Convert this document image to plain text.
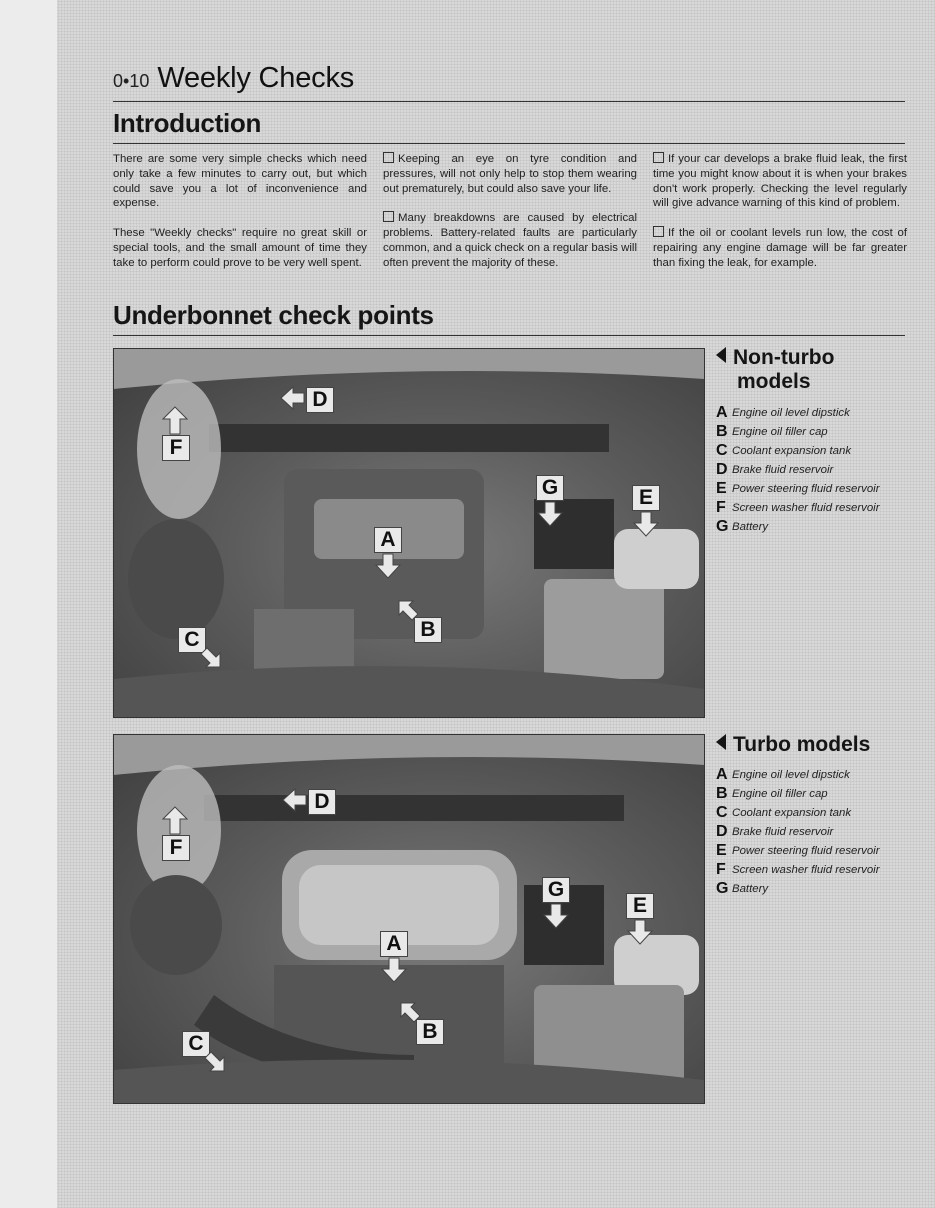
0•10 Weekly Checks
Introduction

There are some very simple checks which need only take a few minutes to carry out, but which could save you a lot of inconvenience and expense.

These "Weekly checks" require no great skill or special tools, and the small amount of time they take to perform could prove to be very well spent.

Keeping an eye on tyre condition and pressures, will not only help to stop them wearing out prematurely, but could also save your life.

Many breakdowns are caused by electrical problems. Battery-related faults are particularly common, and a quick check on a regular basis will often prevent the majority of these.

If your car develops a brake fluid leak, the first time you might know about it is when your brakes don't work properly. Checking the level regularly will give advance warning of this kind of problem.

If the oil or coolant levels run low, the cost of repairing any engine damage will be far greater than fixing the leak, for example.

Underbonnet check points
D
F
A
B
C
G	E
Non-turbo
models
A Engine oil level dipstick
B Engine oil filler cap
C Coolant expansion tank
D Brake fluid reservoir
E Power steering fluid reservoir
F Screen washer fluid reservoir
G Battery
D
F
A
B
C
G
E
Turbo models
A Engine oil level dipstick
B Engine oil filler cap
C Coolant expansion tank
D Brake fluid reservoir
E Power steering fluid reservoir
F Screen washer fluid reservoir
G Battery
